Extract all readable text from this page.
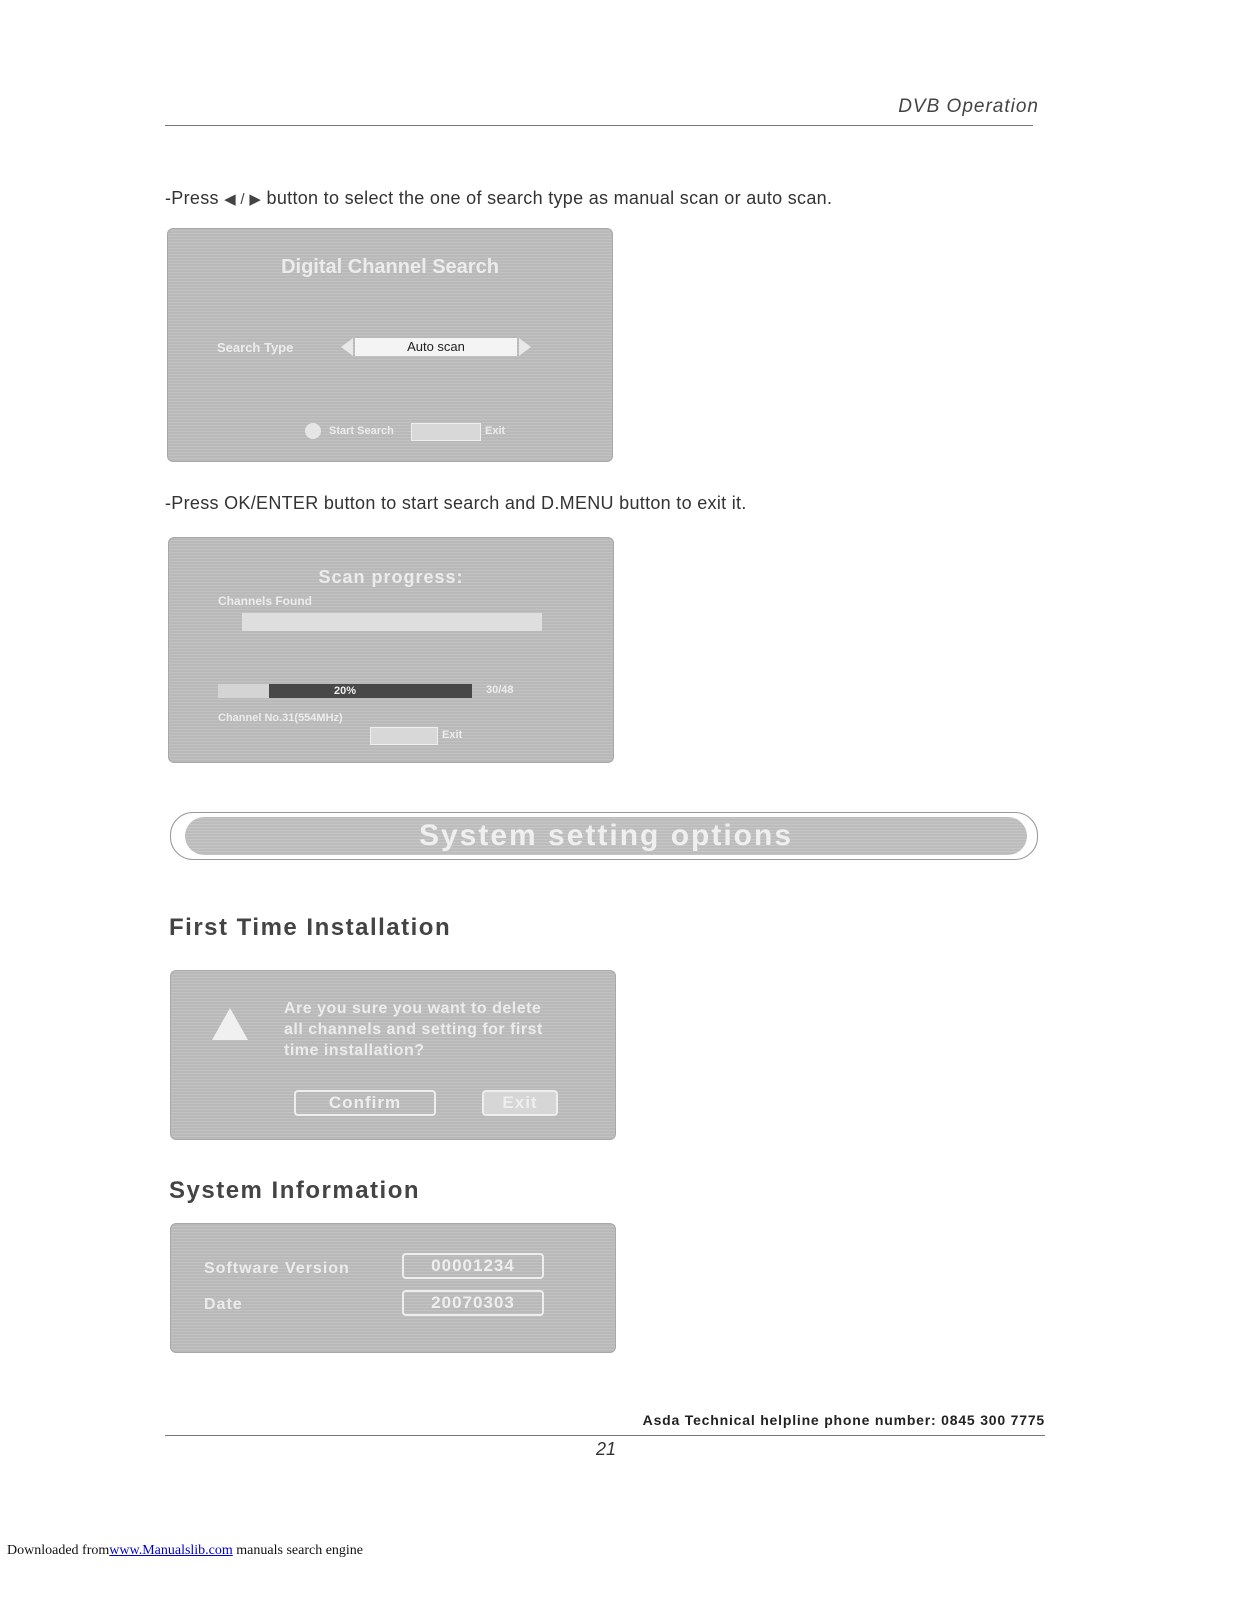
DVB Operation
-Press ◀ / ▶ button to select the one of search type as manual scan or auto scan.
Digital Channel Search
Search Type	Auto scan
Start Search	Exit
-Press OK/ENTER button to start search and D.MENU button to exit it.
Scan progress:
Channels Found
20%	30/48
Channel No.31(554MHz)
Exit
System setting options
First Time Installation
Are you sure you want to delete
all channels and setting for first
time installation?
Confirm	Exit
System Information
Software Version	00001234
Date	20070303
Asda Technical helpline phone number: 0845 300 7775
21
Downloaded fromwww.Manualslib.com manuals search engine
